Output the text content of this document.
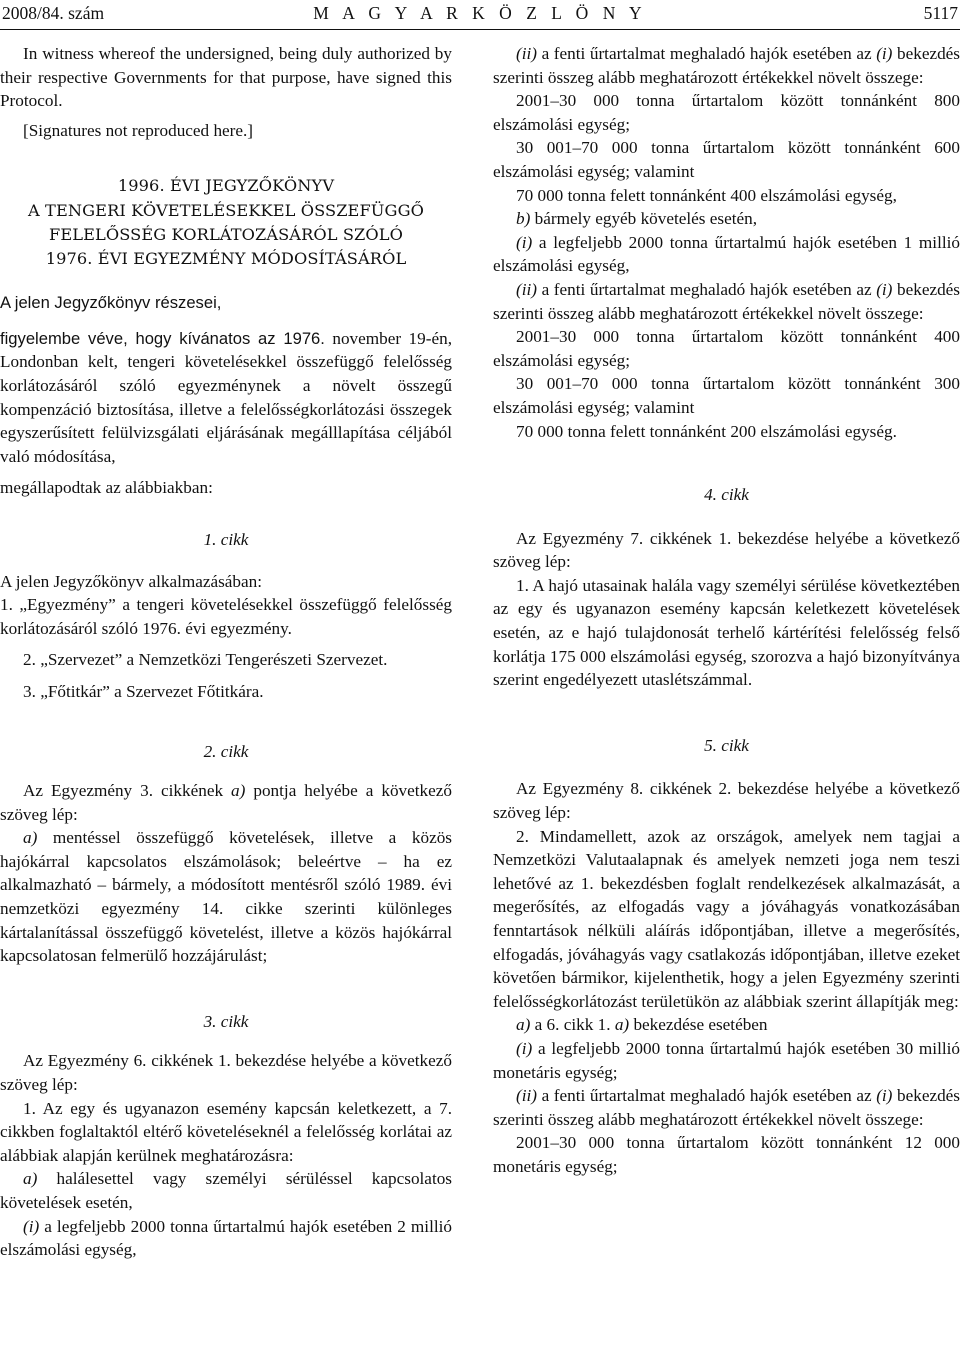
2008/84. szám	M A G Y A R K Ö Z L Ö N Y	5117

In witness whereof the undersigned, being duly authorized by their respective Governments for that purpose, have signed this Protocol.

[Signatures not reproduced here.]

1996. ÉVI JEGYZŐKÖNYV
A TENGERI KÖVETELÉSEKKEL ÖSSZEFÜGGŐ
FELELŐSSÉG KORLÁTOZÁSÁRÓL SZÓLÓ
1976. ÉVI EGYEZMÉNY MÓDOSÍTÁSÁRÓL

A jelen Jegyzőkönyv részesei,

figyelembe véve, hogy kívánatos az 1976. november 19-én, Londonban kelt, tengeri követelésekkel összefüggő felelősség korlátozásáról szóló egyezménynek a növelt összegű kompenzáció biztosítása, illetve a felelősségkorlátozási összegek egyszerűsített felülvizsgálati eljárásának megálllapítása céljából való módosítása,

megállapodtak az alábbiakban:

1. cikk

A jelen Jegyzőkönyv alkalmazásában:

1. „Egyezmény” a tengeri követelésekkel összefüggő felelősség korlátozásáról szóló 1976. évi egyezmény.

2. „Szervezet” a Nemzetközi Tengerészeti Szervezet.

3. „Főtitkár” a Szervezet Főtitkára.

2. cikk

Az Egyezmény 3. cikkének a) pontja helyébe a következő szöveg lép:

a) mentéssel összefüggő követelések, illetve a közös hajókárral kapcsolatos elszámolások; beleértve – ha ez alkalmazható – bármely, a módosított mentésről szóló 1989. évi nemzetközi egyezmény 14. cikke szerinti különleges kártalanítással összefüggő követelést, illetve a közös hajókárral kapcsolatosan felmerülő hozzájárulást;

3. cikk

Az Egyezmény 6. cikkének 1. bekezdése helyébe a következő szöveg lép:

1. Az egy és ugyanazon esemény kapcsán keletkezett, a 7. cikkben foglaltaktól eltérő követeléseknél a felelősség korlátai az alábbiak alapján kerülnek meghatározásra:

a) halálesettel vagy személyi sérüléssel kapcsolatos követelések esetén,

(i) a legfeljebb 2000 tonna űrtartalmú hajók esetében 2 millió elszámolási egység,

(ii) a fenti űrtartalmat meghaladó hajók esetében az (i) bekezdés szerinti összeg alább meghatározott értékekkel növelt összege:

2001–30 000 tonna űrtartalom között tonnánként 800 elszámolási egység;

30 001–70 000 tonna űrtartalom között tonnánként 600 elszámolási egység; valamint

70 000 tonna felett tonnánként 400 elszámolási egység,

b) bármely egyéb követelés esetén,

(i) a legfeljebb 2000 tonna űrtartalmú hajók esetében 1 millió elszámolási egység,

(ii) a fenti űrtartalmat meghaladó hajók esetében az (i) bekezdés szerinti összeg alább meghatározott értékekkel növelt összege:

2001–30 000 tonna űrtartalom között tonnánként 400 elszámolási egység;

30 001–70 000 tonna űrtartalom között tonnánként 300 elszámolási egység; valamint

70 000 tonna felett tonnánként 200 elszámolási egység.

4. cikk

Az Egyezmény 7. cikkének 1. bekezdése helyébe a következő szöveg lép:

1. A hajó utasainak halála vagy személyi sérülése következtében az egy és ugyanazon esemény kapcsán keletkezett követelések esetén, az e hajó tulajdonosát terhelő kártérítési felelősség felső korlátja 175 000 elszámolási egység, szorozva a hajó bizonyítványa szerint engedélyezett utaslétszámmal.

5. cikk

Az Egyezmény 8. cikkének 2. bekezdése helyébe a következő szöveg lép:

2. Mindamellett, azok az országok, amelyek nem tagjai a Nemzetközi Valutaalapnak és amelyek nemzeti joga nem teszi lehetővé az 1. bekezdésben foglalt rendelkezések alkalmazását, a megerősítés, az elfogadás vagy a jóváhagyás vonatkozásában fenntartások nélküli aláírás időpontjában, illetve a megerősítés, elfogadás, jóváhagyás vagy csatlakozás időpontjában, illetve ezeket követően bármikor, kijelenthetik, hogy a jelen Egyezmény szerinti felelősségkorlátozást területükön az alábbiak szerint állapítják meg:

a) a 6. cikk 1. a) bekezdése esetében

(i) a legfeljebb 2000 tonna űrtartalmú hajók esetében 30 millió monetáris egység;

(ii) a fenti űrtartalmat meghaladó hajók esetében az (i) bekezdés szerinti összeg alább meghatározott értékekkel növelt összege:

2001–30 000 tonna űrtartalom között tonnánként 12 000 monetáris egység;
